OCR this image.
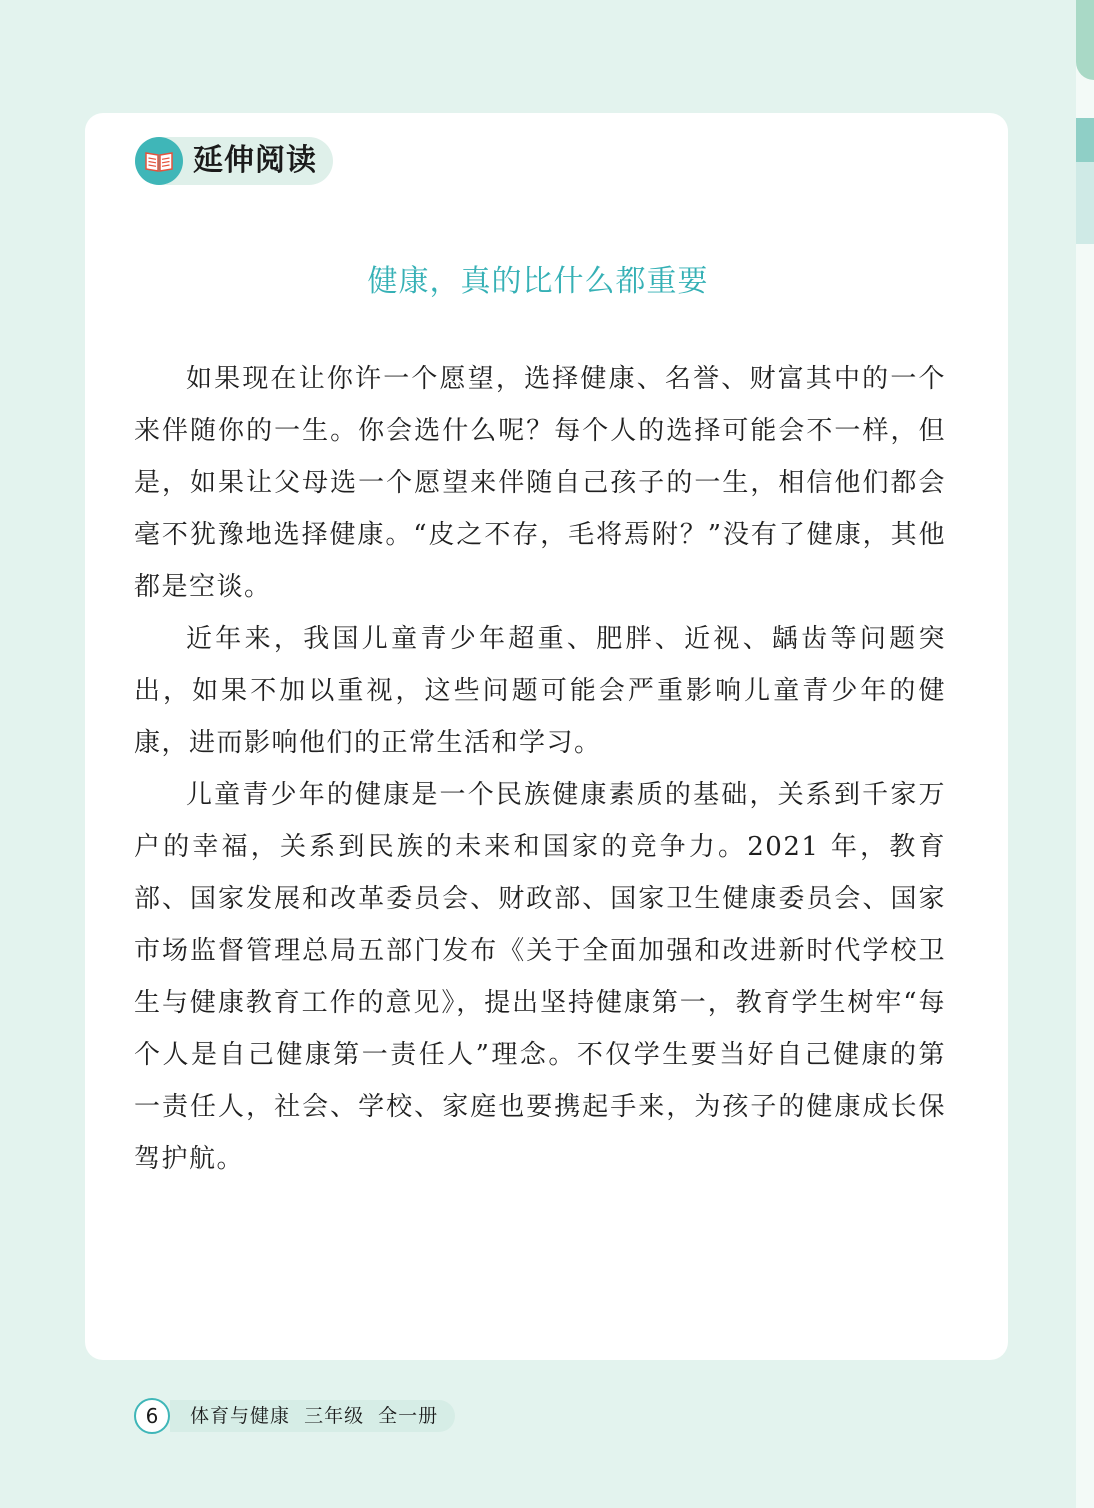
延伸阅读
健康，真的比什么都重要

如果现在让你许一个愿望，选择健康、名誉、财富其中的一个来伴随你的一生。你会选什么呢？每个人的选择可能会不一样，但是，如果让父母选一个愿望来伴随自己孩子的一生，相信他们都会毫不犹豫地选择健康。“皮之不存，毛将焉附？”没有了健康，其他都是空谈。

近年来，我国儿童青少年超重、肥胖、近视、龋齿等问题突出，如果不加以重视，这些问题可能会严重影响儿童青少年的健康，进而影响他们的正常生活和学习。

儿童青少年的健康是一个民族健康素质的基础，关系到千家万户的幸福，关系到民族的未来和国家的竞争力。2021 年，教育部、国家发展和改革委员会、财政部、国家卫生健康委员会、国家市场监督管理总局五部门发布《关于全面加强和改进新时代学校卫生与健康教育工作的意见》，提出坚持健康第一，教育学生树牢“每个人是自己健康第一责任人”理念。不仅学生要当好自己健康的第一责任人，社会、学校、家庭也要携起手来，为孩子的健康成长保驾护航。

6	体育与健康  三年级  全一册
